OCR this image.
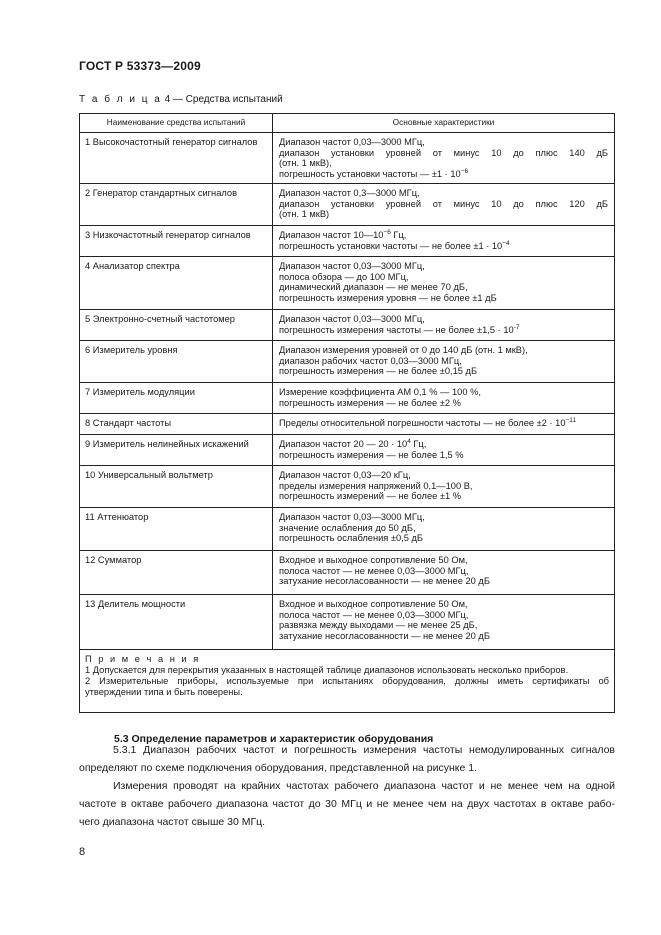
ГОСТ Р 53373—2009
Т а б л и ц а 4 — Средства испытаний
Наименование средства испытаний	Основные характеристики
1 Высокочастотный генератор сигналов	Диапазон частот 0,03—3000 МГц,
диапазон установки уровней от минус 10 до плюс 140 дБ
(отн. 1 мкВ),
погрешность установки частоты — $\pm 1 \cdot 10^{-6}$

2 Генератор стандартных сигналов	Диапазон частот 0,3—3000 МГц,
диапазон установки уровней от минус 10 до плюс 120 дБ
(отн. 1 мкВ)

3 Низкочастотный генератор сигналов	Диапазон частот $10—10^{-6}$ Гц,
погрешность установки частоты — не более $\pm 1 \cdot 10^{-4}$

4 Анализатор спектра	Диапазон частот 0,03—3000 МГц,
полоса обзора — до 100 МГц,
динамический диапазон — не менее 70 дБ,
погрешность измерения уровня — не более ±1 дБ

5 Электронно-счетный частотомер	Диапазон частот 0,03—3000 МГц,
погрешность измерения частоты — не более $\pm 1,5 \cdot 10^{-7}$

6 Измеритель уровня	Диапазон измерения уровней от 0 до 140 дБ (отн. 1 мкВ),
диапазон рабочих частот 0,03—3000 МГц,
погрешность измерения — не более ±0,15 дБ

7 Измеритель модуляции	Измерение коэффициента АМ 0,1 % — 100 %,
погрешность измерения — не более ±2 %

8 Стандарт частоты	Пределы относительной погрешности частоты — не более $\pm 2 \cdot 10^{-11}$

9 Измеритель нелинейных искажений	Диапазон частот 20 — $20 \cdot 10^4$ Гц,
погрешность измерения — не более 1,5 %

10 Универсальный вольтметр	Диапазон частот 0,03—20 кГц,
пределы измерения напряжений 0,1—100 В,
погрешность измерений — не более ±1 %

11 Аттенюатор	Диапазон частот 0,03—3000 МГц,
значение ослабления до 50 дБ,
погрешность ослабления ±0,5 дБ

12 Сумматор	Входное и выходное сопротивление 50 Ом,
полоса частот — не менее 0,03—3000 МГц,
затухание несогласованности — не менее 20 дБ

13 Делитель мощности	Входное и выходное сопротивление 50 Ом,
полоса частот — не менее 0,03—3000 МГц,
развязка между выходами — не менее 25 дБ,
затухание несогласованности — не менее 20 дБ

П р и м е ч а н и я
1 Допускается для перекрытия указанных в настоящей таблице диапазонов использовать несколько приборов.
2 Измерительные приборы, используемые при испытаниях оборудования, должны иметь сертификаты об
утверждении типа и быть поверены.	
5.3 Определение параметров и характеристик оборудования
5.3.1 Диапазон рабочих частот и погрешность измерения частоты немодулированных сигналов
определяют по схеме подключения оборудования, представленной на рисунке 1.
Измерения проводят на крайних частотах рабочего диапазона частот и не менее чем на одной
частоте в октаве рабочего диапазона частот до 30 МГц и не менее чем на двух частотах в октаве рабо-
чего диапазона частот свыше 30 МГц.
8
